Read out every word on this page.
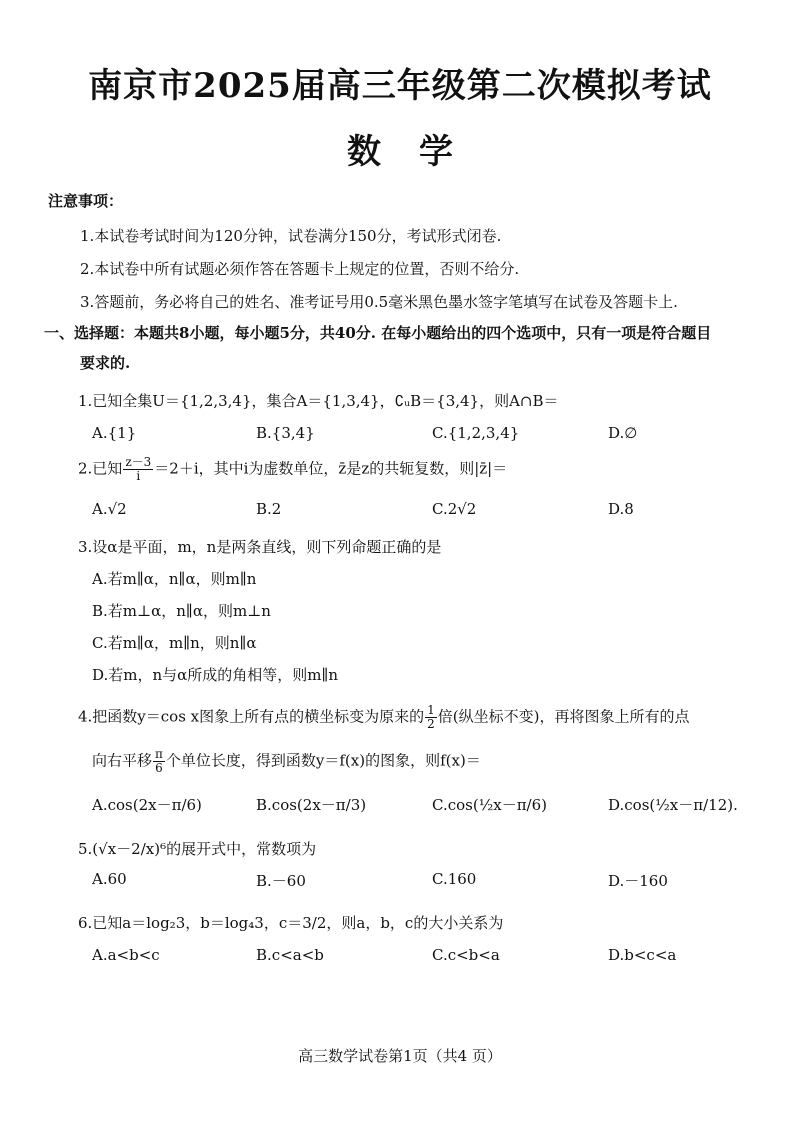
南京市2025届高三年级第二次模拟考试
数学
注意事项：
1.本试卷考试时间为120分钟，试卷满分150分，考试形式闭卷.
2.本试卷中所有试题必须作答在答题卡上规定的位置，否则不给分.
3.答题前，务必将自己的姓名、准考证号用0.5毫米黑色墨水签字笔填写在试卷及答题卡上.
一、选择题：本题共8小题，每小题5分，共40分. 在每小题给出的四个选项中，只有一项是符合题目
要求的.
1.已知全集U＝{1,2,3,4}，集合A＝{1,3,4}，∁ᵤB＝{3,4}，则A∩B＝
A.{1}	B.{3,4}	C.{1,2,3,4}	D.∅
2.已知 $\frac{z-3}{i} =2+i$，其中i为虚数单位，z̄是z的共轭复数，则|z̄|＝
A.√2	B.2	C.2√2	D.8
3.设α是平面，m，n是两条直线，则下列命题正确的是
A.若m∥α，n∥α，则m∥n
B.若m⊥α，n∥α，则m⊥n
C.若m∥α，m∥n，则n∥α
D.若m，n与α所成的角相等，则m∥n
4.把函数y＝cos x图象上所有点的横坐标变为原来的 $\frac{1}{2}$ 倍(纵坐标不变)，再将图象上所有的点
向右平移 $\frac{\pi}{6}$ 个单位长度，得到函数y＝f(x)的图象，则f(x)＝
A.cos(2x－π/6)	B.cos(2x－π/3)	C.cos(½x－π/6)	D.cos(½x－π/12).
5.(√x－2/x)⁶的展开式中，常数项为
A.60	B.－60	C.160	D.－160
6.已知a＝log₂3，b＝log₄3，c＝3/2，则a，b，c的大小关系为
A.a<b<c	B.c<a<b	C.c<b<a	D.b<c<a
高三数学试卷第1页（共4 页）
